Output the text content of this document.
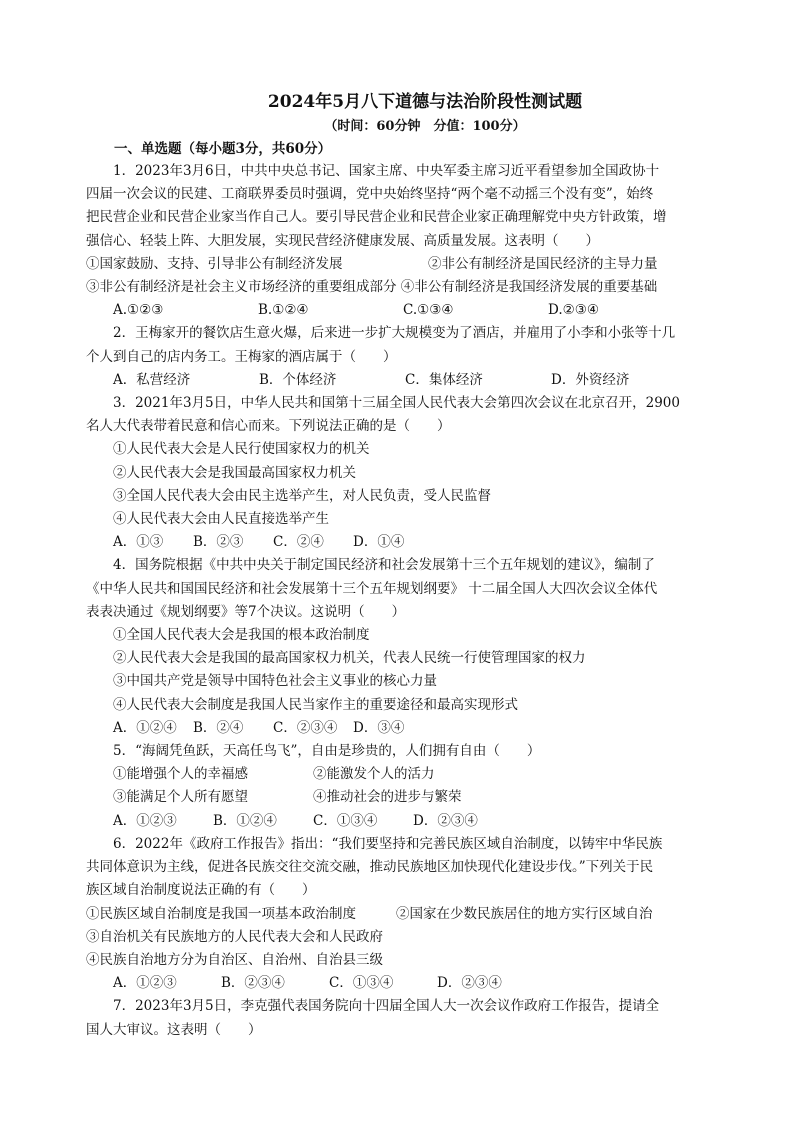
2024年5月八下道德与法治阶段性测试题
（时间：60分钟　分值：100分）
一、单选题（每小题3分，共60分）
1．2023年3月6日，中共中央总书记、国家主席、中央军委主席习近平看望参加全国政协十
四届一次会议的民建、工商联界委员时强调，党中央始终坚持“两个毫不动摇三个没有变”，始终
把民营企业和民营企业家当作自己人。要引导民营企业和民营企业家正确理解党中央方针政策，增
强信心、轻装上阵、大胆发展，实现民营经济健康发展、高质量发展。这表明（　　）
①国家鼓励、支持、引导非公有制经济发展	②非公有制经济是国民经济的主导力量
③非公有制经济是社会主义市场经济的重要组成部分 ④非公有制经济是我国经济发展的重要基础
A.①②③	B.①②④	C.①③④	D.②③④
2．王梅家开的餐饮店生意火爆，后来进一步扩大规模变为了酒店，并雇用了小李和小张等十几
个人到自己的店内务工。王梅家的酒店属于（　　）
A．私营经济	B．个体经济	C．集体经济	D．外资经济
3．2021年3月5日，中华人民共和国第十三届全国人民代表大会第四次会议在北京召开，2900
名人大代表带着民意和信心而来。下列说法正确的是（　　）
①人民代表大会是人民行使国家权力的机关
②人民代表大会是我国最高国家权力机关
③全国人民代表大会由民主选举产生，对人民负责，受人民监督
④人民代表大会由人民直接选举产生
A．①③ B．②③ C．②④ D．①④
4．国务院根据《中共中央关于制定国民经济和社会发展第十三个五年规划的建议》，编制了
《中华人民共和国国民经济和社会发展第十三个五年规划纲要》 十二届全国人大四次会议全体代
表表决通过《规划纲要》等7个决议。这说明（　　）
①全国人民代表大会是我国的根本政治制度
②人民代表大会是我国的最高国家权力机关，代表人民统一行使管理国家的权力
③中国共产党是领导中国特色社会主义事业的核心力量
④人民代表大会制度是我国人民当家作主的重要途径和最高实现形式
A．①②④ B．②④ C．②③④ D．③④
5．“海阔凭鱼跃，天高任鸟飞”，自由是珍贵的，人们拥有自由（　　）
①能增强个人的幸福感	②能激发个人的活力
③能满足个人所有愿望	④推动社会的进步与繁荣
A．①②③	B．①②④	C．①③④	D．②③④
6．2022年《政府工作报告》指出：“我们要坚持和完善民族区域自治制度，以铸牢中华民族
共同体意识为主线，促进各民族交往交流交融，推动民族地区加快现代化建设步伐。”下列关于民
族区域自治制度说法正确的有（　　）
①民族区域自治制度是我国一项基本政治制度	②国家在少数民族居住的地方实行区域自治
③自治机关有民族地方的人民代表大会和人民政府
④民族自治地方分为自治区、自治州、自治县三级
A．①②③	B．②③④	C．①③④	D．②③④
7．2023年3月5日，李克强代表国务院向十四届全国人大一次会议作政府工作报告，提请全
国人大审议。这表明（　　）
